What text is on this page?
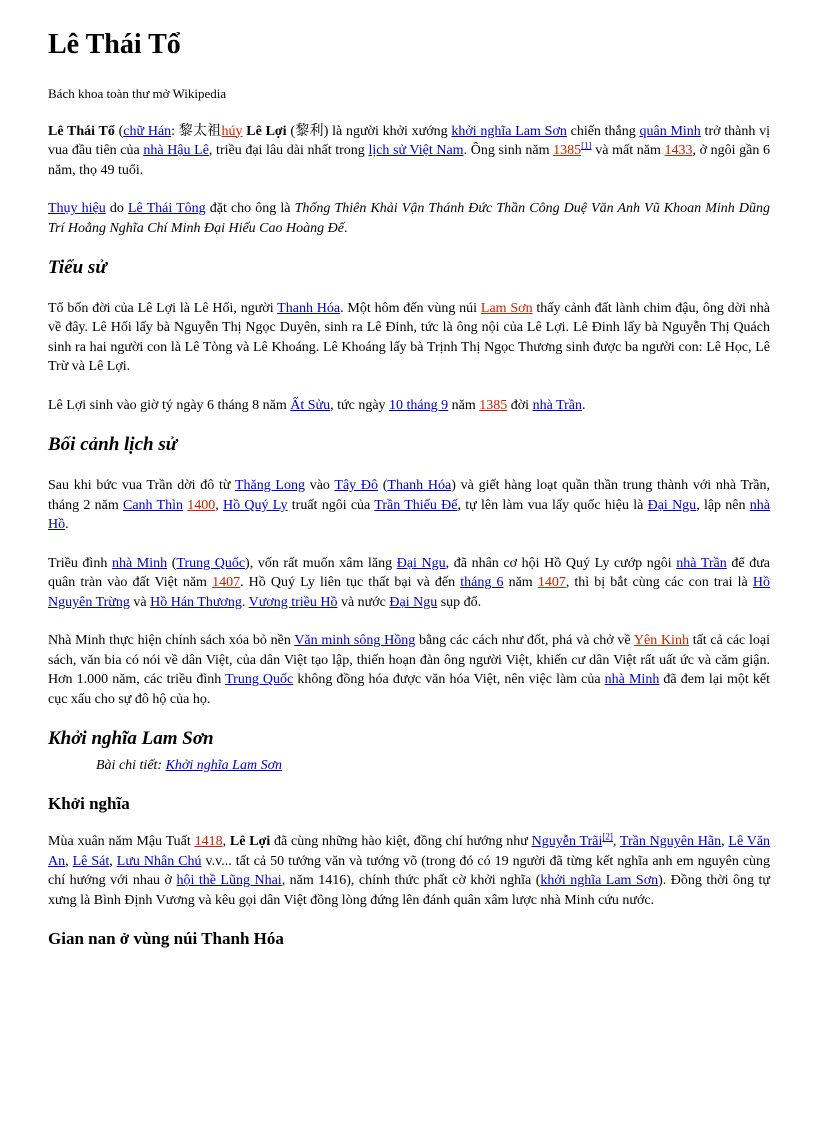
Lê Thái Tổ
Bách khoa toàn thư mở Wikipedia

Lê Thái Tổ (chữ Hán: 黎太祖húy Lê Lợi (黎利) là người khởi xướng khởi nghĩa Lam Sơn chiến thắng quân Minh trở thành vị vua đầu tiên của nhà Hậu Lê, triều đại lâu dài nhất trong lịch sử Việt Nam. Ông sinh năm 1385[1] và mất năm 1433, ở ngôi gần 6 năm, thọ 49 tuổi.

Thụy hiệu do Lê Thái Tông đặt cho ông là Thống Thiên Khải Vận Thánh Đức Thần Công Duệ Văn Anh Vũ Khoan Minh Dũng Trí Hoằng Nghĩa Chí Minh Đại Hiếu Cao Hoàng Đế.

Tiểu sử

Tổ bốn đời của Lê Lợi là Lê Hối, người Thanh Hóa. Một hôm đến vùng núi Lam Sơn thấy cảnh đất lành chim đậu, ông dời nhà về đây. Lê Hối lấy bà Nguyễn Thị Ngọc Duyên, sinh ra Lê Đinh, tức là ông nội của Lê Lợi. Lê Đinh lấy bà Nguyễn Thị Quách sinh ra hai người con là Lê Tòng và Lê Khoáng. Lê Khoáng lấy bà Trịnh Thị Ngọc Thương sinh được ba người con: Lê Học, Lê Trừ và Lê Lợi.

Lê Lợi sinh vào giờ tý ngày 6 tháng 8 năm Ất Sửu, tức ngày 10 tháng 9 năm 1385 đời nhà Trần.

Bối cảnh lịch sử

Sau khi bức vua Trần dời đô từ Thăng Long vào Tây Đô (Thanh Hóa) và giết hàng loạt quần thần trung thành với nhà Trần, tháng 2 năm Canh Thìn 1400, Hồ Quý Ly truất ngôi của Trần Thiếu Đế, tự lên làm vua lấy quốc hiệu là Đại Ngu, lập nên nhà Hồ.

Triều đình nhà Minh (Trung Quốc), vốn rất muốn xâm lăng Đại Ngu, đã nhân cơ hội Hồ Quý Ly cướp ngôi nhà Trần để đưa quân tràn vào đất Việt năm 1407. Hồ Quý Ly liên tục thất bại và đến tháng 6 năm 1407, thì bị bắt cùng các con trai là Hồ Nguyên Trừng và Hồ Hán Thương. Vương triều Hồ và nước Đại Ngu sụp đổ.

Nhà Minh thực hiện chính sách xóa bỏ nền Văn minh sông Hồng bằng các cách như đốt, phá và chở về Yên Kinh tất cả các loại sách, văn bia có nói về dân Việt, của dân Việt tạo lập, thiến hoạn đàn ông người Việt, khiến cư dân Việt rất uất ức và căm giận. Hơn 1.000 năm, các triều đình Trung Quốc không đồng hóa được văn hóa Việt, nên việc làm của nhà Minh đã đem lại một kết cục xấu cho sự đô hộ của họ.

Khởi nghĩa Lam Sơn
Bài chi tiết: Khởi nghĩa Lam Sơn
Khởi nghĩa

Mùa xuân năm Mậu Tuất 1418, Lê Lợi đã cùng những hào kiệt, đồng chí hướng như Nguyễn Trãi[2], Trần Nguyên Hãn, Lê Văn An, Lê Sát, Lưu Nhân Chú v.v... tất cả 50 tướng văn và tướng võ (trong đó có 19 người đã từng kết nghĩa anh em nguyên cùng chí hướng với nhau ở hội thề Lũng Nhai, năm 1416), chính thức phất cờ khởi nghĩa (khởi nghĩa Lam Sơn). Đồng thời ông tự xưng là Bình Định Vương và kêu gọi dân Việt đồng lòng đứng lên đánh quân xâm lược nhà Minh cứu nước.

Gian nan ở vùng núi Thanh Hóa
